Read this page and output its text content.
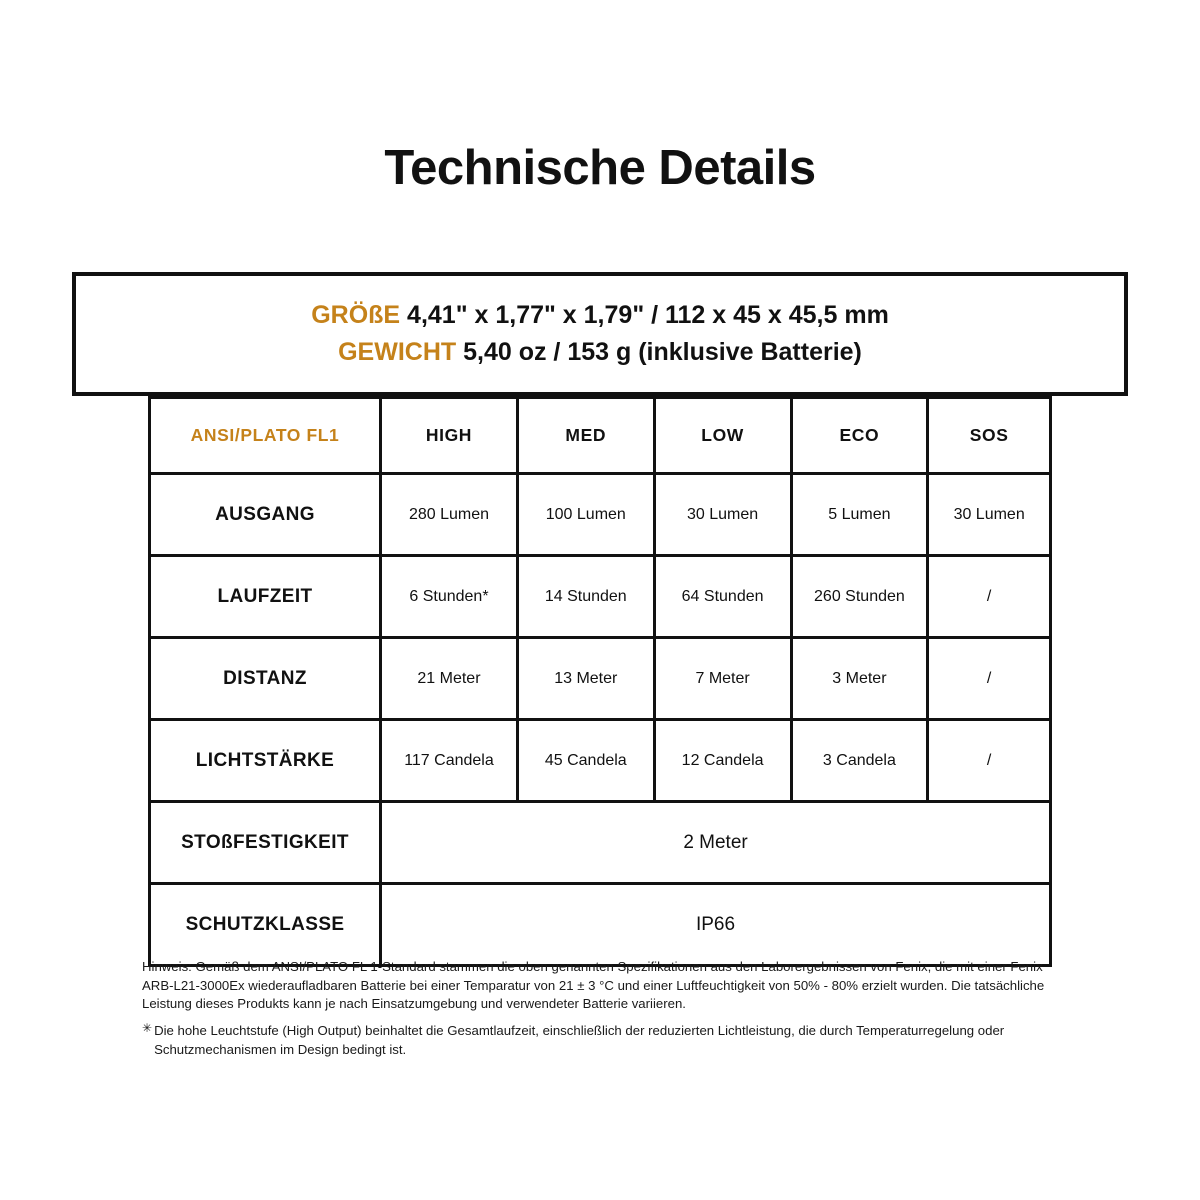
Technische Details
GRÖßE 4,41" x 1,77" x 1,79" / 112 x 45 x 45,5 mm
GEWICHT 5,40 oz / 153 g (inklusive Batterie)
ANSI/PLATO FL1	HIGH	MED	LOW	ECO	SOS
AUSGANG	280 Lumen	100 Lumen	30 Lumen	5 Lumen	30 Lumen
LAUFZEIT	6 Stunden*	14 Stunden	64 Stunden	260 Stunden	/
DISTANZ	21 Meter	13 Meter	7 Meter	3 Meter	/
LICHTSTÄRKE	117 Candela	45 Candela	12 Candela	3 Candela	/
STOßFESTIGKEIT	2 Meter				
SCHUTZKLASSE	IP66				
Hinweis: Gemäß dem ANSI/PLATO FL 1-Standard stammen die oben genannten Spezifikationen aus den Laborergebnissen von Fenix, die mit einer Fenix ARB-L21-3000Ex wiederaufladbaren Batterie bei einer Temparatur von 21 ± 3 °C und einer Luftfeuchtigkeit von 50% - 80% erzielt wurden. Die tatsächliche Leistung dieses Produkts kann je nach Einsatzumgebung und verwendeter Batterie variieren.
✳ Die hohe Leuchtstufe (High Output) beinhaltet die Gesamtlaufzeit, einschließlich der reduzierten Lichtleistung, die durch Temperaturregelung oder Schutzmechanismen im Design bedingt ist.
